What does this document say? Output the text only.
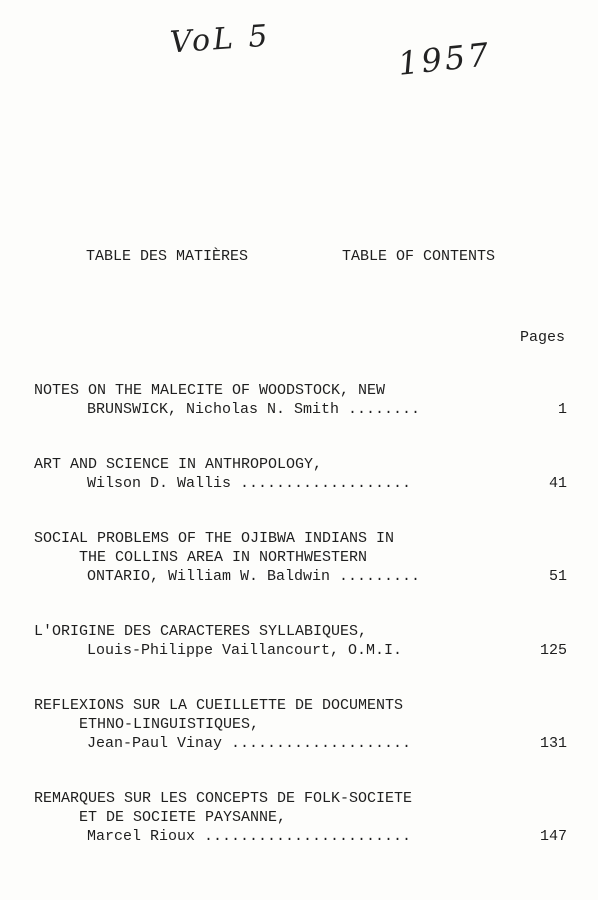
VoL 5	1957
TABLE DES MATIÈRES	TABLE OF CONTENTS
Pages
NOTES ON THE MALECITE OF WOODSTOCK, NEW
BRUNSWICK, Nicholas N. Smith ........	1
ART AND SCIENCE IN ANTHROPOLOGY,
Wilson D. Wallis ...................	41
SOCIAL PROBLEMS OF THE OJIBWA INDIANS IN
THE COLLINS AREA IN NORTHWESTERN
ONTARIO, William W. Baldwin .........	51
L'ORIGINE DES CARACTERES SYLLABIQUES,
Louis-Philippe Vaillancourt, O.M.I.	125
REFLEXIONS SUR LA CUEILLETTE DE DOCUMENTS
ETHNO-LINGUISTIQUES,
Jean-Paul Vinay ....................	131
REMARQUES SUR LES CONCEPTS DE FOLK-SOCIETE
ET DE SOCIETE PAYSANNE,
Marcel Rioux .......................	147
